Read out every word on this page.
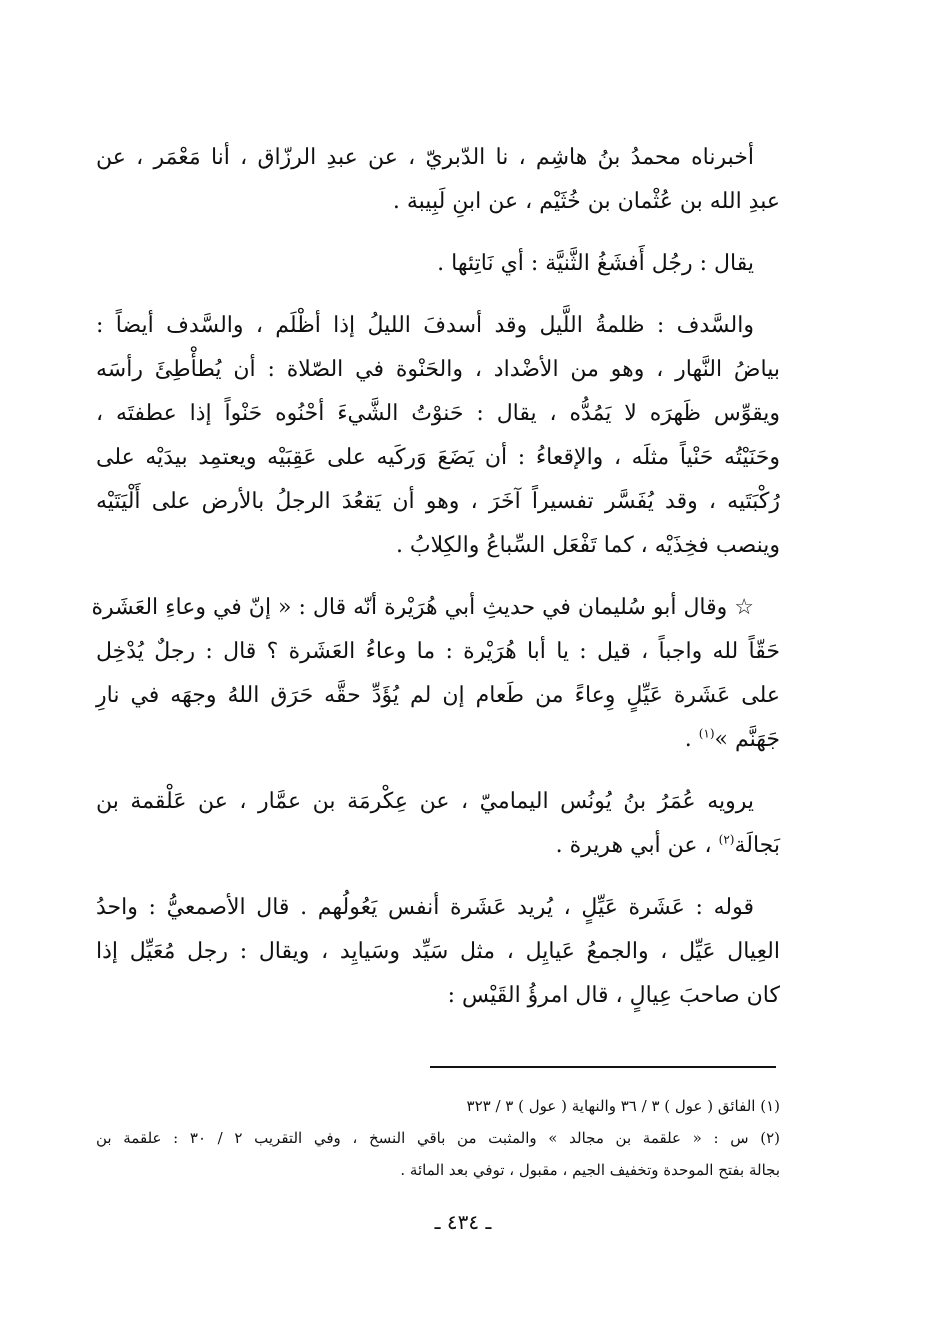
أخبرناه محمدُ بنُ هاشِم ، نا الدّبريّ ، عن عبدِ الرزّاق ، أنا مَعْمَر ، عن
عبدِ الله بن عُثْمان بن خُثَيْم ، عن ابنِ لَبِيبة .
يقال : رجُل أَفشَغُ الثَّنيَّة : أي نَاتِئها .
والسَّدف : ظلمةُ اللَّيل وقد أسدفَ الليلُ إذا أظْلَم ، والسَّدف أيضاً :
بياضُ النَّهار ، وهو من الأضْداد ، والحَنْوة في الصّلاة : أن يُطأْطِئَ رأسَه
ويقوِّس ظَهرَه لا يَمُدُّه ، يقال : حَنوْتُ الشَّيءَ أحْنُوه حَنْواً إذا عطفتَه ،
وحَنَيْتُه حَنْياً مثلَه ، والإقعاءُ : أن يَضَعَ وَركَيه على عَقِبَيْه ويعتمِد بيدَيْه على
رُكْبَتَيه ، وقد يُفَسَّر تفسيراً آخَرَ ، وهو أن يَقعُدَ الرجلُ بالأرض على أَلْيَتَيْه
وينصب فخِذَيْه ، كما تَفْعَل السِّباعُ والكِلابُ .
☆ وقال أبو سُليمان في حديثِ أبي هُرَيْرة أنّه قال : « إنّ في وعاءِ العَشَرة
حَقّاً لله واجباً ، قيل : يا أبا هُرَيْرة : ما وعاءُ العَشَرة ؟ قال : رجلٌ يُدْخِل
على عَشَرة عَيِّلٍ وِعاءً من طَعام إن لم يُؤَدِّ حقَّه حَرَق اللهُ وجهَه في نارِ
جَهَنَّم »$^{(١)}$ .
يرويه عُمَرُ بنُ يُونُس اليماميّ ، عن عِكْرمَة بن عمَّار ، عن عَلْقمة بن
بَجالَة$^{(٢)}$ ، عن أبي هريرة .
قوله : عَشَرة عَيِّلٍ ، يُريد عَشَرة أنفس يَعُولُهم . قال الأصمعيُّ : واحدُ
العِيال عَيِّل ، والجمعُ عَيايِل ، مثل سَيِّد وسَيايِد ، ويقال : رجل مُعَيِّل إذا
كان صاحبَ عِيالٍ ، قال امرؤُ القَيْس :
(١) الفائق ( عول ) ٣ / ٣٦ والنهاية ( عول ) ٣ / ٣٢٣
(٢) س : « علقمة بن مجالد » والمثبت من باقي النسخ ، وفي التقريب ٢ / ٣٠ : علقمة بن
بجالة بفتح الموحدة وتخفيف الجيم ، مقبول ، توفي بعد المائة .
ـ ٤٣٤ ـ
